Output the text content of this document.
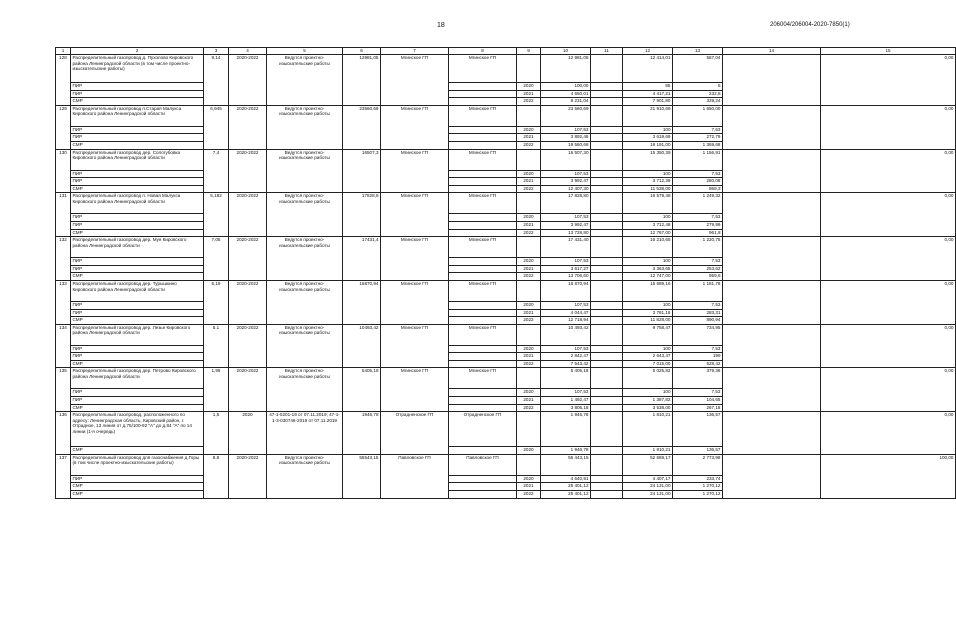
18	206004/206004-2020-7850(1)
1	2	3	4	5	6	7	8	9	10	11	12	13	14	15
128	Распределительный газопровод д. Пухолово Кировского района Ленинградской области (в том числе проектно-изыскательские работы)	9,14	2020-2022	Ведутся проектно-изыскательские работы	12981,05	Мгинское ГП	Мгинское ГП		12 981,05		12 414,01	567,04		0,00
	ПИР							2020	100,00		95	5		
	ПИР							2021	4 650,01		4 417,21	232,8		
	СМР							2022	8 231,04		7 901,80	329,24		
129	Распределительный газопровод п.Старая Малукса Кировского района Ленинградской области	6,945	2020-2022	Ведутся проектно-изыскательские работы	23560,69	Мгинское ГП	Мгинское ГП		23 560,69		21 910,69	1 650,00		0,00
	ПИР							2020	107,53		100	7,53		
	ПИР							2021	3 892,48		3 619,69	272,79		
	СМР							2022	19 560,68		18 191,00	1 369,68		
130	Распределительный газопровод дер. Сологубовка Кировского района Ленинградской области	7,4	2020-2022	Ведутся проектно-изыскательские работы	16507,3	Мгинское ГП	Мгинское ГП		16 507,30		15 350,39	1 156,91		0,00
	ПИР							2020	107,53		100	7,53		
	ПИР							2021	3 992,47		3 712,39	280,08		
	СМР							2022	12 407,30		11 538,00	869,3		
131	Распределительный газопровод п. Новая Малукса Кировского района Ленинградской области	5,182	2020-2022	Ведутся проектно-изыскательские работы	17828,8	Мгинское ГП	Мгинское ГП		17 828,80		16 579,48	1 249,32		0,00
	ПИР							2020	107,53		100	7,53		
	ПИР							2021	3 992,47		3 712,48	279,99		
	СМР							2022	13 728,80		12 767,00	961,8		
132	Распределительный газопровод дер. Муя Кировского района Ленинградской области	7,05	2020-2022	Ведутся проектно-изыскательские работы	17431,4	Мгинское ГП	Мгинское ГП		17 431,40		16 210,65	1 220,75		0,00
	ПИР							2020	107,53		100	7,53		
	ПИР							2021	3 617,27		3 363,65	253,62		
	СМР							2022	13 706,60		12 747,00	959,6		
133	Распределительный газопровод дер. Турышкино Кировского района Ленинградской области	5,19	2020-2022	Ведутся проектно-изыскательские работы	16870,94	Мгинское ГП	Мгинское ГП		16 870,94		15 689,16	1 181,78		0,00
	ПИР							2020	107,53		100	7,53		
	ПИР							2021	4 044,47		3 761,16	283,31		
	СМР							2022	12 718,94		11 828,00	890,94		
134	Распределительный газопровод дер. Лезье Кировского района Ленинградской области	5,1	2020-2022	Ведутся проектно-изыскательские работы	10493,42	Мгинское ГП	Мгинское ГП		10 493,42		9 758,47	734,95		0,00
	ПИР							2020	107,53		100	7,53		
	ПИР							2021	2 842,47		2 643,47	199		
	СМР							2022	7 543,42		7 015,00	528,42		
135	Распределительный газопровод дер. Петрово Кировского района Ленинградской области	1,95	2020-2022	Ведутся проектно-изыскательские работы	5405,18	Мгинское ГП	Мгинское ГП		5 405,18		5 025,82	379,36		0,00
	ПИР							2020	107,53		100	7,53		
	ПИР							2021	1 492,47		1 387,82	104,65		
	СМР							2022	3 805,18		3 538,00	267,18		
136	Распределительный газопровод, расположенного по адресу: Ленинградская область, Кировский район, г. Отрадное, 13 линия от д.75/100-92 "А" до д.84 "А" по 14 линии (1-я очередь)	1,5	2020	47-1-0201-19 от 07.11.2019; 47-1-1-3-030746-2019 от 07.11.2019	1946,78	Отрадненское ГП	Отрадненское ГП		1 946,78		1 810,21	136,57		0,00
	СМР							2020	1 946,78		1 810,21	136,57		
137	Распределительный газопровод для газоснабжения д.Горы (в том числе проектно-изыскательские работы)	8,8	2020-2022	Ведутся проектно-изыскательские работы	55543,15	Павловское ГП	Павловское ГП		55 443,15		52 669,17	2 773,98		100,00
	ПИР							2020	4 640,91		4 407,17	233,74		
	СМР							2021	25 401,12		24 131,00	1 270,12		
	СМР							2022	25 401,12		24 131,00	1 270,12		
